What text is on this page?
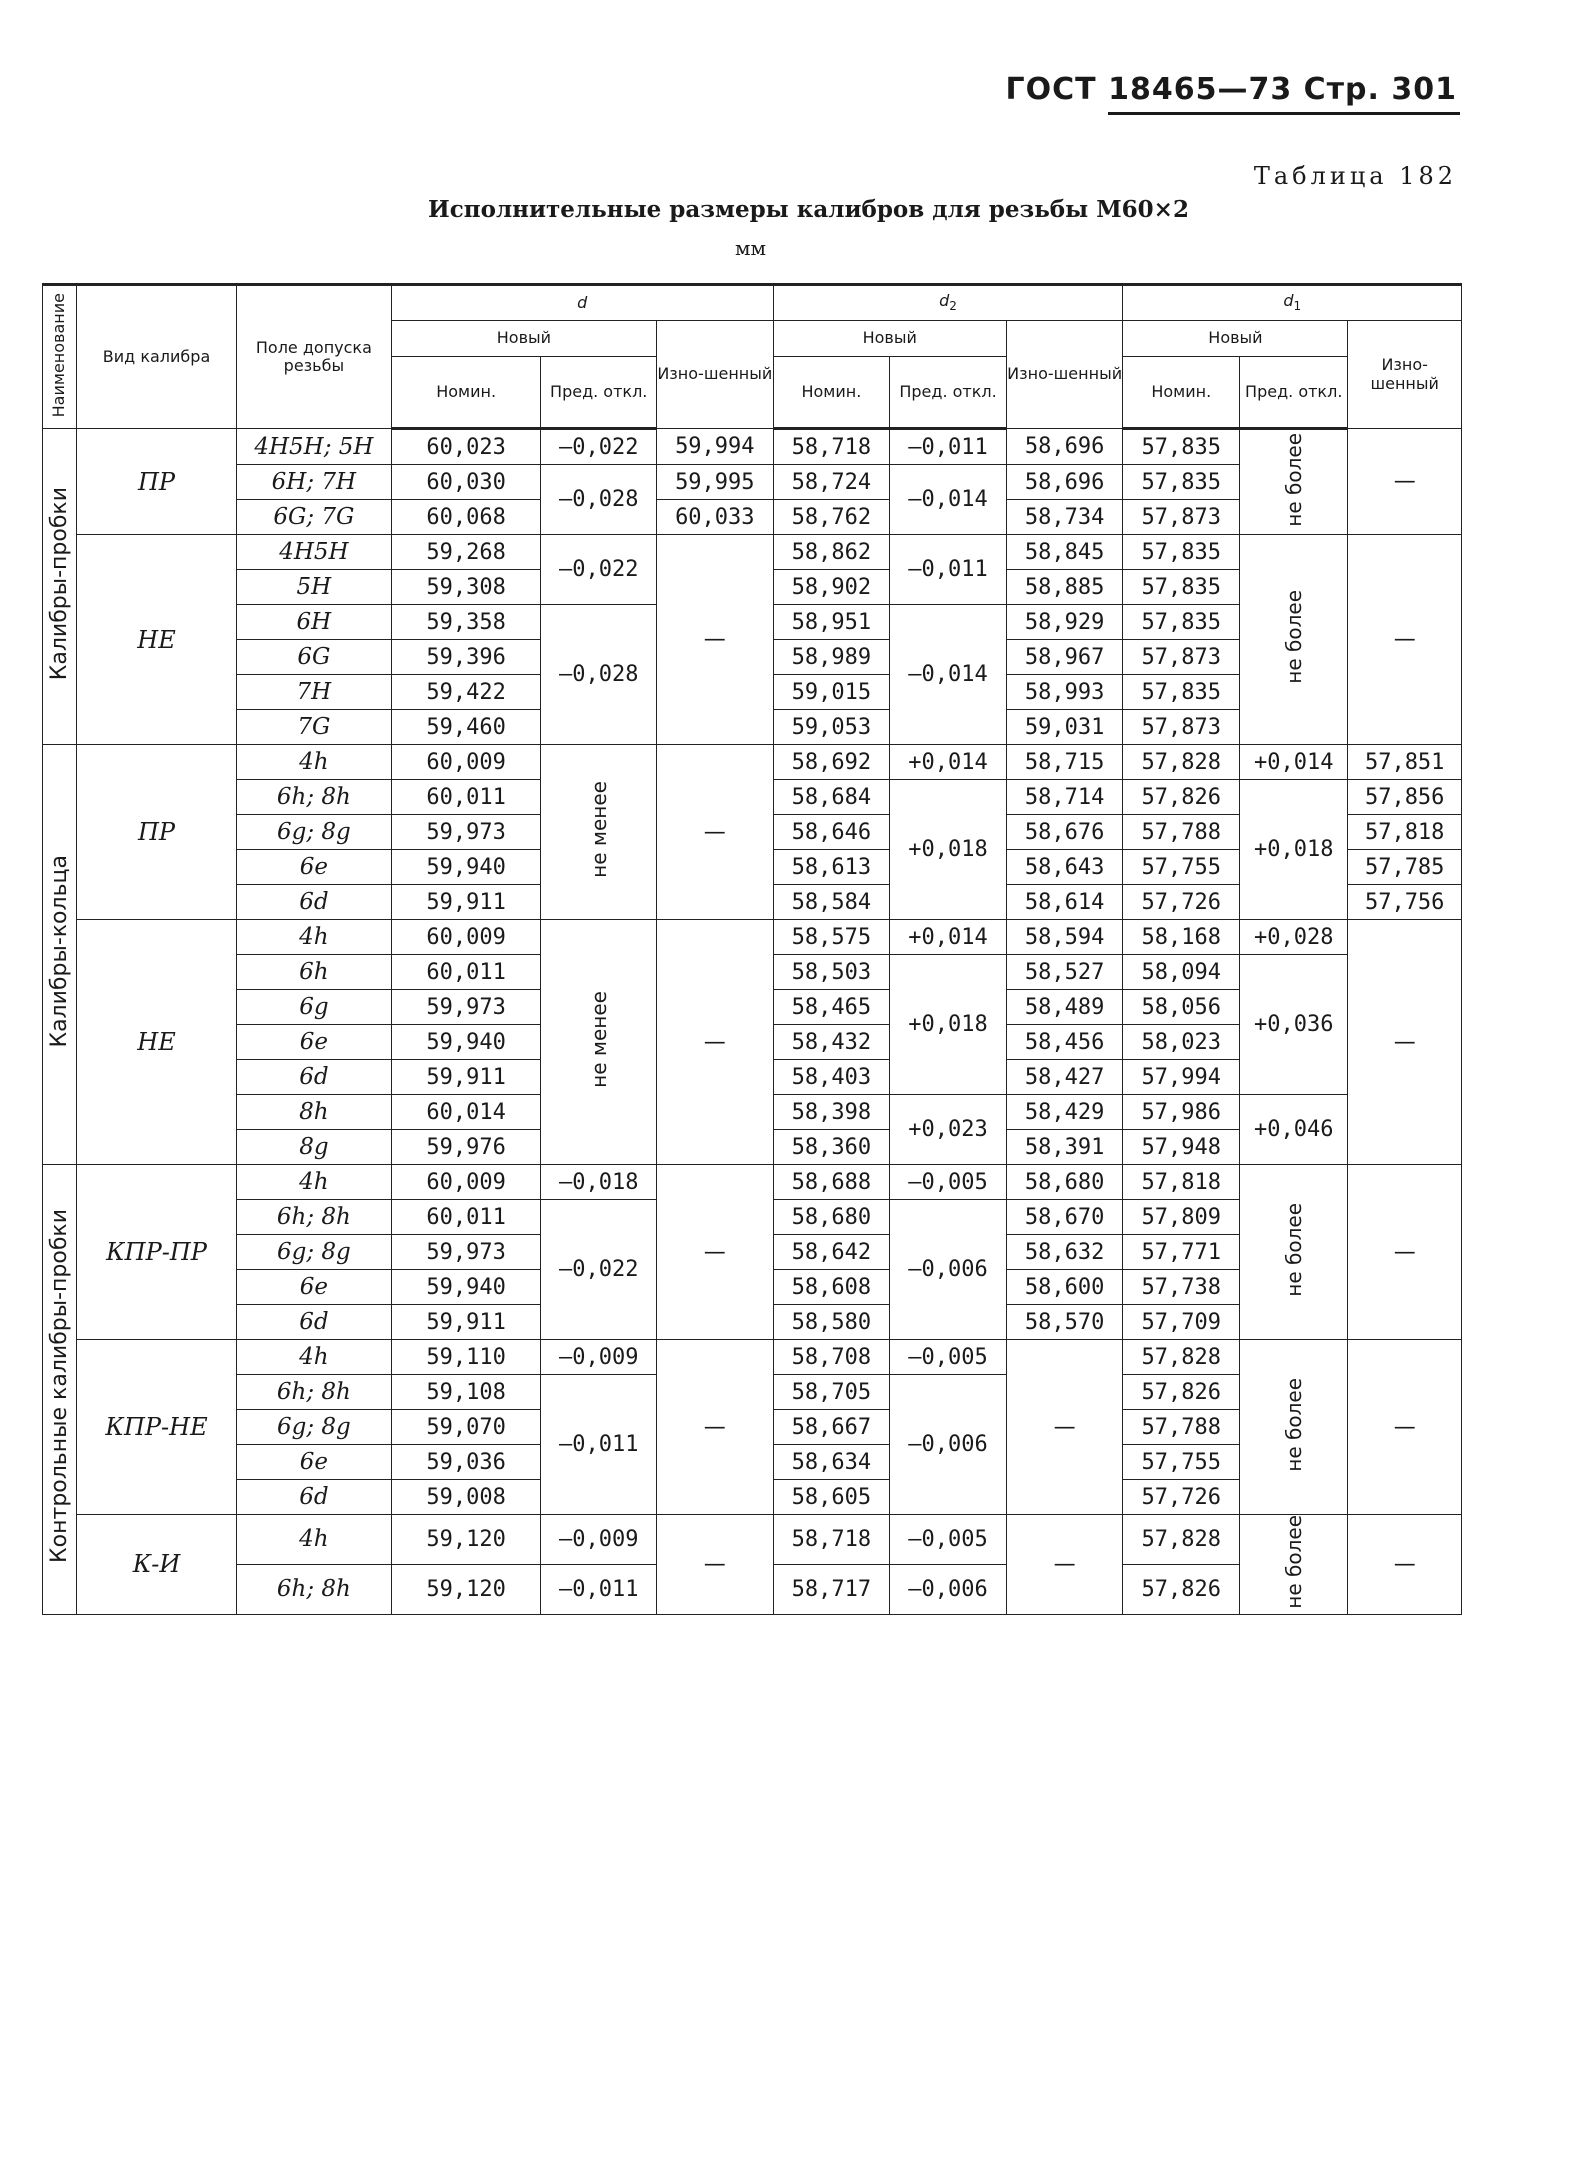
ГОСТ 18465—73 Стр. 301
Таблица 182
Исполнительные размеры калибров для резьбы М60×2
мм
Наименование	Вид калибра	Поле допуска резьбы	d			$d_2$			$d_1$
			Новый		Изно-шенный	Новый		Изно-шенный	Новый		Изно-шенный
			Номин.	Пред. откл.		Номин.	Пред. откл.		Номин.	Пред. откл.	
Калибры-пробки	ПР	4H5H; 5H	60,023	—0,022	59,994	58,718	—0,011	58,696	57,835	не более	—
		6H; 7H	60,030	—0,028	59,995	58,724	—0,014	58,696	57,835		
		6G; 7G	60,068		60,033	58,762		58,734	57,873		
	НЕ	4H5H	59,268	—0,022	—	58,862	—0,011	58,845	57,835	не более	—
		5H	59,308			58,902		58,885	57,835		
		6H	59,358	—0,028		58,951	—0,014	58,929	57,835		
		6G	59,396			58,989		58,967	57,873		
		7H	59,422			59,015		58,993	57,835		
		7G	59,460			59,053		59,031	57,873		
Калибры-кольца	ПР	4h	60,009	не менее	—	58,692	+0,014	58,715	57,828	+0,014	57,851
		6h; 8h	60,011			58,684	+0,018	58,714	57,826	+0,018	57,856
		6g; 8g	59,973			58,646		58,676	57,788		57,818
		6e	59,940			58,613		58,643	57,755		57,785
		6d	59,911			58,584		58,614	57,726		57,756
	НЕ	4h	60,009	не менее	—	58,575	+0,014	58,594	58,168	+0,028	—
		6h	60,011			58,503	+0,018	58,527	58,094	+0,036	
		6g	59,973			58,465		58,489	58,056		
		6e	59,940			58,432		58,456	58,023		
		6d	59,911			58,403		58,427	57,994		
		8h	60,014			58,398	+0,023	58,429	57,986	+0,046	
		8g	59,976			58,360		58,391	57,948		
Контрольные калибры-пробки	КПР-ПР	4h	60,009	—0,018	—	58,688	—0,005	58,680	57,818	не более	—
		6h; 8h	60,011	—0,022		58,680	—0,006	58,670	57,809		
		6g; 8g	59,973			58,642		58,632	57,771		
		6e	59,940			58,608		58,600	57,738		
		6d	59,911			58,580		58,570	57,709		
	КПР-НЕ	4h	59,110	—0,009	—	58,708	—0,005	—	57,828	не более	—
		6h; 8h	59,108	—0,011		58,705	—0,006		57,826		
		6g; 8g	59,070			58,667			57,788		
		6e	59,036			58,634			57,755		
		6d	59,008			58,605			57,726		
	К-И	4h	59,120	—0,009	—	58,718	—0,005	—	57,828	не более	—
		6h; 8h	59,120	—0,011		58,717	—0,006		57,826		
